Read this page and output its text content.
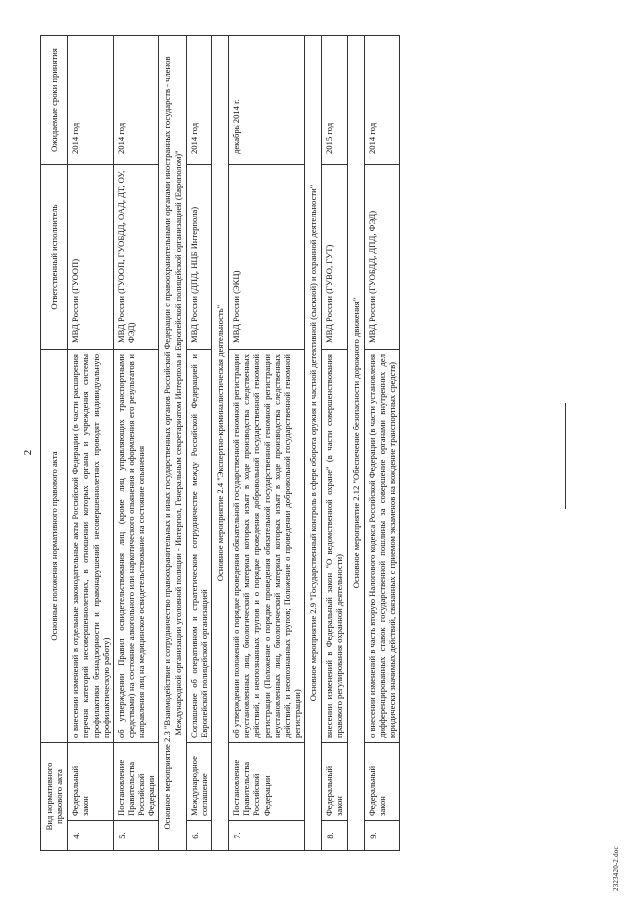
2
Вид нормативного правового акта		Основные положения нормативного правового акта	Ответственный исполнитель	Ожидаемые сроки принятия
4.	Федеральный закон	о внесении изменений в отдельные законодательные акты Российской Федерации (в части расширения перечня категорий несовершеннолетних, в отношении которых органы и учреждения системы профилактики безнадзорности и правонарушений несовершеннолетних проводят индивидуальную профилактическую работу)	МВД России (ГУООП)	2014 год
5.	Постановление Правительства Российской Федерации	об утверждении Правил освидетельствования лиц (кроме лиц управляющих транспортными средствами) на состояние алкогольного или наркотического опьянения и оформления его результатов и направления лиц на медицинское освидетельствование на состояние опьянения	МВД России (ГУООП, ГУОБДД, ОАД, ДТ, ОУ, ФЭД)	2014 год
Основное мероприятие 2.3 "Взаимодействие и сотрудничество правоохранительных и иных государственных органов Российской Федерации с правоохранительными органами иностранных государств - членов Международной организации уголовной полиции - Интерпол, Генеральным секретариатом Интерпола и Европейской полицейской организацией (Европолом)"				
6.	Международное соглашение	Соглашение об оперативном и стратегическом сотрудничестве между Российской Федерацией и Европейской полицейской организацией	МВД России (ДПД, НЦБ Интерпола)	2014 год
Основное мероприятие 2.4 "Экспертно-криминалистическая деятельность"				
7.	Постановление Правительства Российской Федерации	об утверждении положений о порядке проведения обязательной государственной геномной регистрации неустановленных лиц, биологический материал которых изъят в ходе производства следственных действий, и неопознанных трупов и о порядке проведения добровольной государственной геномной регистрации (Положение о порядке проведения обязательной государственной геномной регистрации неустановленных лиц, биологический материал которых изъят в ходе производства следственных действий, и неопознанных трупов; Положение о проведении добровольной государственной геномной регистрации)	МВД России (ЭКЦ)	декабрь 2014 г.
Основное мероприятие 2.9 "Государственный контроль в сфере оборота оружия и частной детективной (сыскной) и охранной деятельности"				
8.	Федеральный закон	внесении изменений в Федеральный закон "О ведомственной охране" (в части совершенствования правового регулирования охранной деятельности)	МВД России (ГУВО, ГУТ)	2015 год
Основное мероприятие 2.12 "Обеспечение безопасности дорожного движения"				
9.	Федеральный закон	о внесении изменений в часть вторую Налогового кодекса Российской Федерации (в части установления дифференцированных ставок государственной пошлины за совершение органами внутренних дел юридически значимых действий, связанных с приемом экзаменов на вождение транспортных средств)	МВД России (ГУОБДД, ДПД, ФЭД)	2014 год
2323420-2.doc
